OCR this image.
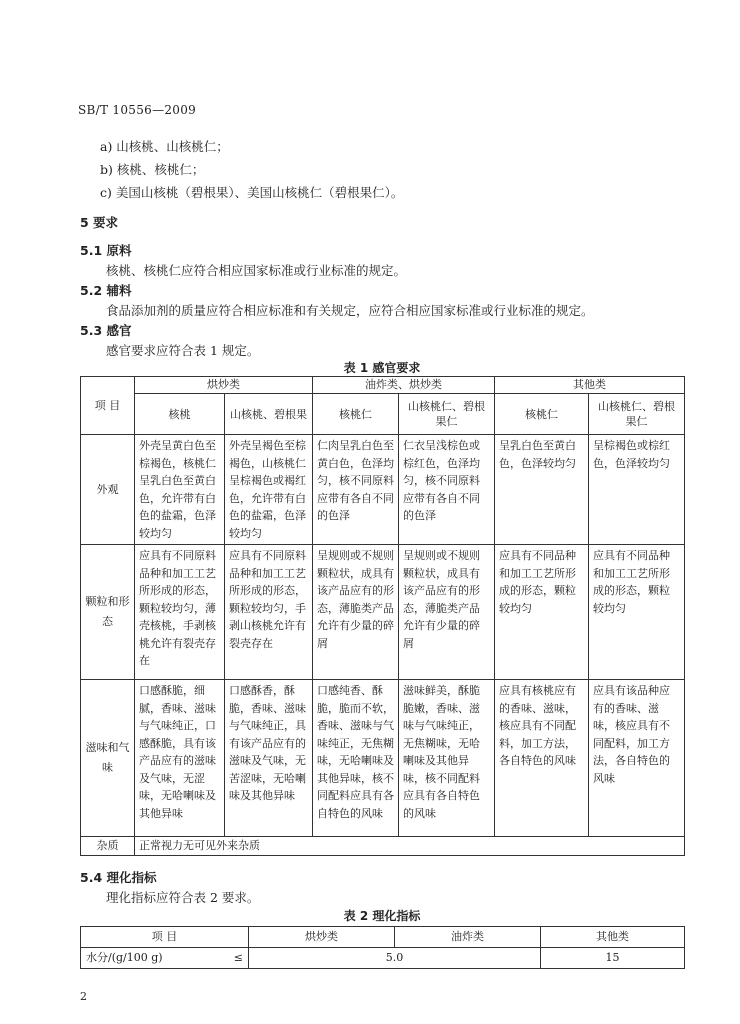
SB/T 10556—2009
a) 山核桃、山核桃仁；
b) 核桃、核桃仁；
c) 美国山核桃（碧根果）、美国山核桃仁（碧根果仁）。
5 要求
5.1 原料
核桃、核桃仁应符合相应国家标准或行业标准的规定。
5.2 辅料
食品添加剂的质量应符合相应标准和有关规定，应符合相应国家标准或行业标准的规定。
5.3 感官
感官要求应符合表 1 规定。
表 1 感官要求
项 目	烘炒类		油炸类、烘炒类		其他类	
	核桃	山核桃、碧根果	核桃仁	山核桃仁、碧根果仁	核桃仁	山核桃仁、碧根果仁
外观	外壳呈黄白色至棕褐色，核桃仁呈乳白色至黄白色，允许带有白色的盐霜，色泽较均匀	外壳呈褐色至棕褐色，山核桃仁呈棕褐色或褐红色，允许带有白色的盐霜，色泽较均匀	仁肉呈乳白色至黄白色，色泽均匀，核不同原料应带有各自不同的色泽	仁衣呈浅棕色或棕红色，色泽均匀，核不同原料应带有各自不同的色泽	呈乳白色至黄白色，色泽较均匀	呈棕褐色或棕红色，色泽较均匀
颗粒和形态	应具有不同原料品种和加工工艺所形成的形态，颗粒较均匀，薄壳核桃，手剥核桃允许有裂壳存在	应具有不同原料品种和加工工艺所形成的形态，颗粒较均匀，手剥山核桃允许有裂壳存在	呈规则或不规则颗粒状，成具有该产品应有的形态，薄脆类产品允许有少量的碎屑	呈规则或不规则颗粒状，成具有该产品应有的形态，薄脆类产品允许有少量的碎屑	应具有不同品种和加工工艺所形成的形态，颗粒较均匀	应具有不同品种和加工工艺所形成的形态，颗粒较均匀
滋味和气味	口感酥脆，细腻，香味、滋味与气味纯正，口感酥脆，具有该产品应有的滋味及气味，无涩味，无哈喇味及其他异味	口感酥香，酥脆，香味、滋味与气味纯正，具有该产品应有的滋味及气味，无苦涩味，无哈喇味及其他异味	口感纯香、酥脆，脆而不软，香味、滋味与气味纯正，无焦糊味，无哈喇味及其他异味，核不同配料应具有各自特色的风味	滋味鲜美，酥脆脆嫩，香味、滋味与气味纯正，无焦糊味，无哈喇味及其他异味，核不同配料应具有各自特色的风味	应具有核桃应有的香味、滋味，核应具有不同配料，加工方法，各自特色的风味	应具有该品种应有的香味、滋味，核应具有不同配料，加工方法，各自特色的风味
杂质	正常视力无可见外来杂质					
5.4 理化指标
理化指标应符合表 2 要求。
表 2 理化指标
项 目	烘炒类	油炸类	其他类
水分/(g/100 g) ≤	5.0		15
2
